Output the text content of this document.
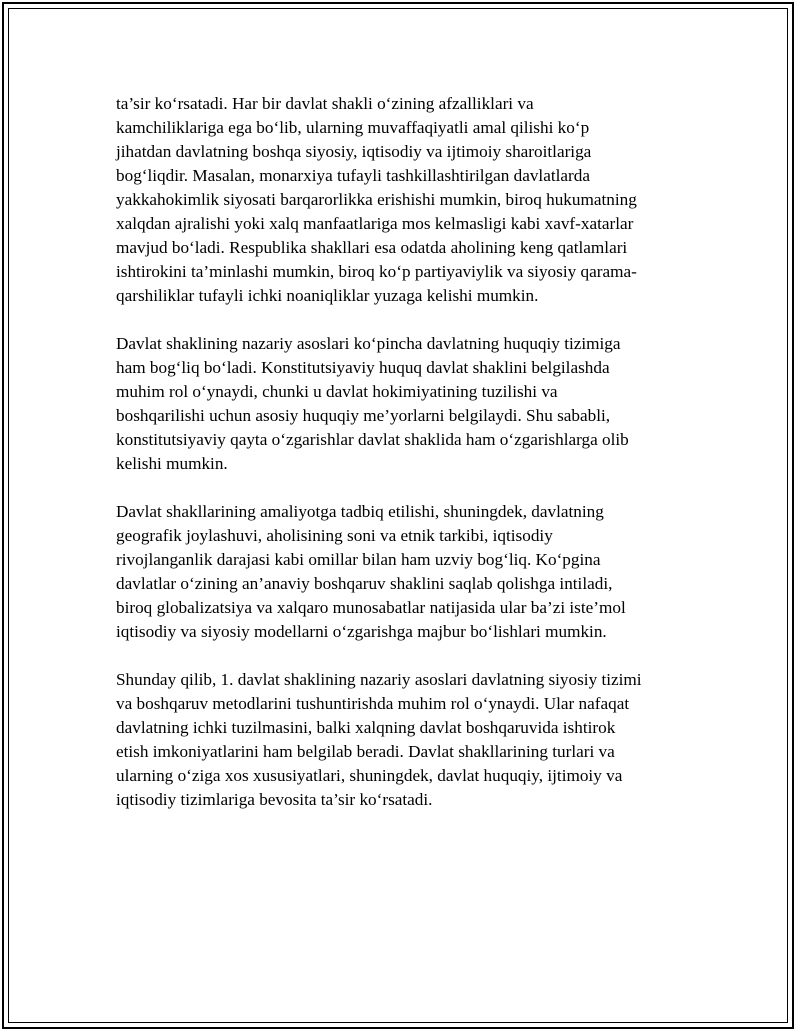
ta’sir ko‘rsatadi. Har bir davlat shakli o‘zining afzalliklari va
kamchiliklariga ega bo‘lib, ularning muvaffaqiyatli amal qilishi ko‘p
jihatdan davlatning boshqa siyosiy, iqtisodiy va ijtimoiy sharoitlariga
bog‘liqdir. Masalan, monarxiya tufayli tashkillashtirilgan davlatlarda
yakkahokimlik siyosati barqarorlikka erishishi mumkin, biroq hukumatning
xalqdan ajralishi yoki xalq manfaatlariga mos kelmasligi kabi xavf-xatarlar
mavjud bo‘ladi. Respublika shakllari esa odatda aholining keng qatlamlari
ishtirokini ta’minlashi mumkin, biroq ko‘p partiyaviylik va siyosiy qarama-
qarshiliklar tufayli ichki noaniqliklar yuzaga kelishi mumkin.

Davlat shaklining nazariy asoslari ko‘pincha davlatning huquqiy tizimiga
ham bog‘liq bo‘ladi. Konstitutsiyaviy huquq davlat shaklini belgilashda
muhim rol o‘ynaydi, chunki u davlat hokimiyatining tuzilishi va
boshqarilishi uchun asosiy huquqiy me’yorlarni belgilaydi. Shu sababli,
konstitutsiyaviy qayta o‘zgarishlar davlat shaklida ham o‘zgarishlarga olib
kelishi mumkin.

Davlat shakllarining amaliyotga tadbiq etilishi, shuningdek, davlatning
geografik joylashuvi, aholisining soni va etnik tarkibi, iqtisodiy
rivojlanganlik darajasi kabi omillar bilan ham uzviy bog‘liq. Ko‘pgina
davlatlar o‘zining an’anaviy boshqaruv shaklini saqlab qolishga intiladi,
biroq globalizatsiya va xalqaro munosabatlar natijasida ular ba’zi iste’mol
iqtisodiy va siyosiy modellarni o‘zgarishga majbur bo‘lishlari mumkin.

Shunday qilib, 1. davlat shaklining nazariy asoslari davlatning siyosiy tizimi
va boshqaruv metodlarini tushuntirishda muhim rol o‘ynaydi. Ular nafaqat
davlatning ichki tuzilmasini, balki xalqning davlat boshqaruvida ishtirok
etish imkoniyatlarini ham belgilab beradi. Davlat shakllarining turlari va
ularning o‘ziga xos xususiyatlari, shuningdek, davlat huquqiy, ijtimoiy va
iqtisodiy tizimlariga bevosita ta’sir ko‘rsatadi.
